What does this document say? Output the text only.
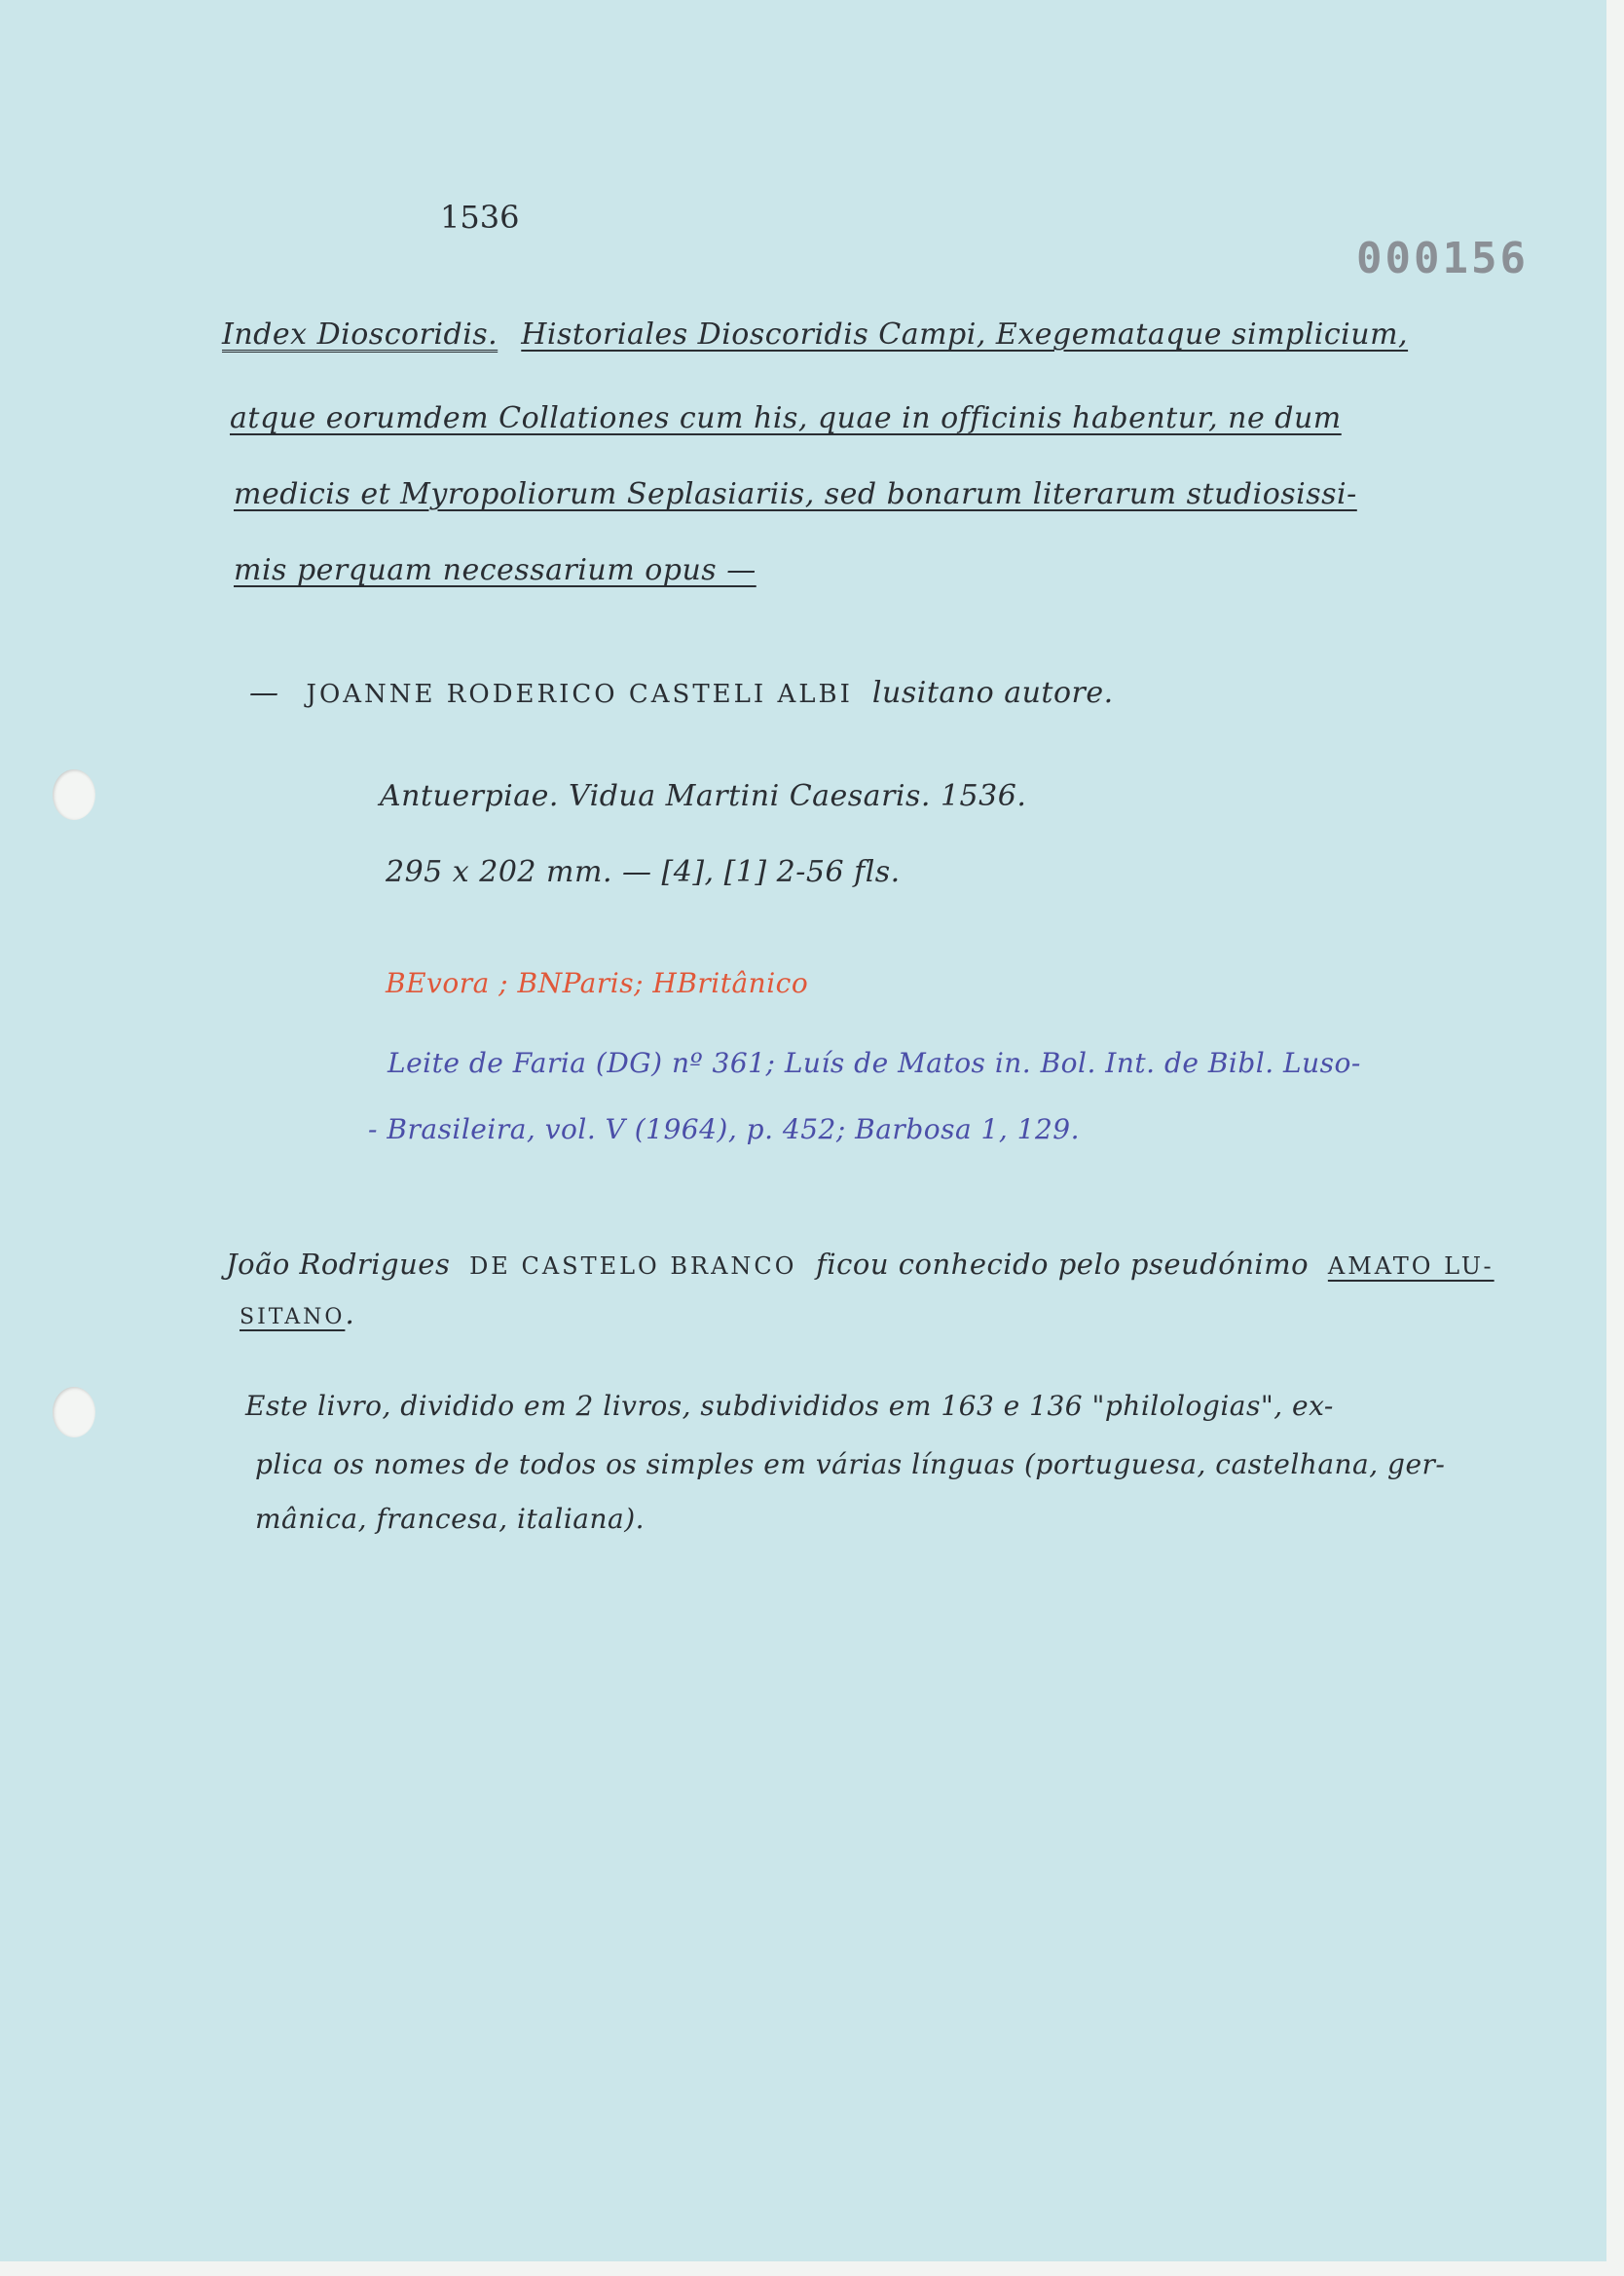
1536
000156
Index Dioscoridis. Historiales Dioscoridis Campi, Exegemataque simplicium,
atque eorumdem Collationes cum his, quae in officinis habentur, ne dum
medicis et Myropoliorum Seplasiariis, sed bonarum literarum studiosissi-
mis perquam necessarium opus —
— JOANNE RODERICO CASTELI ALBI lusitano autore.
Antuerpiae. Vidua Martini Caesaris. 1536.
295 x 202 mm. — [4], [1] 2-56 fls.
BEvora ; BNParis; HBritânico
Leite de Faria (DG) nº 361; Luís de Matos in. Bol. Int. de Bibl. Luso-
- Brasileira, vol. V (1964), p. 452; Barbosa 1, 129.
João Rodrigues DE CASTELO BRANCO ficou conhecido pelo pseudónimo AMATO LU-
SITANO.
Este livro, dividido em 2 livros, subdivididos em 163 e 136 "philologias", ex-
plica os nomes de todos os simples em várias línguas (portuguesa, castelhana, ger-
mânica, francesa, italiana).
